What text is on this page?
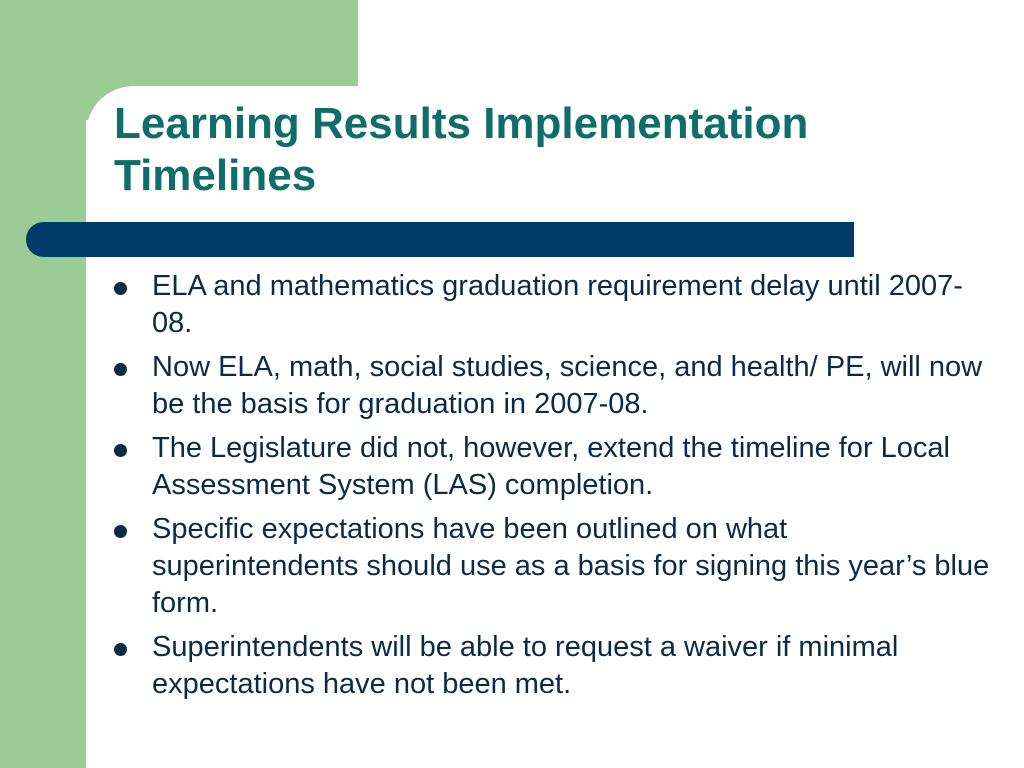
Learning Results Implementation Timelines
ELA and mathematics graduation requirement delay until 2007-08.
Now ELA, math, social studies, science, and health/ PE, will now be the basis for graduation in 2007-08.
The Legislature did not, however, extend the timeline for Local Assessment System (LAS) completion.
Specific expectations have been outlined on what superintendents should use as a basis for signing this year’s blue form.
Superintendents will be able to request a waiver if minimal expectations have not been met.
